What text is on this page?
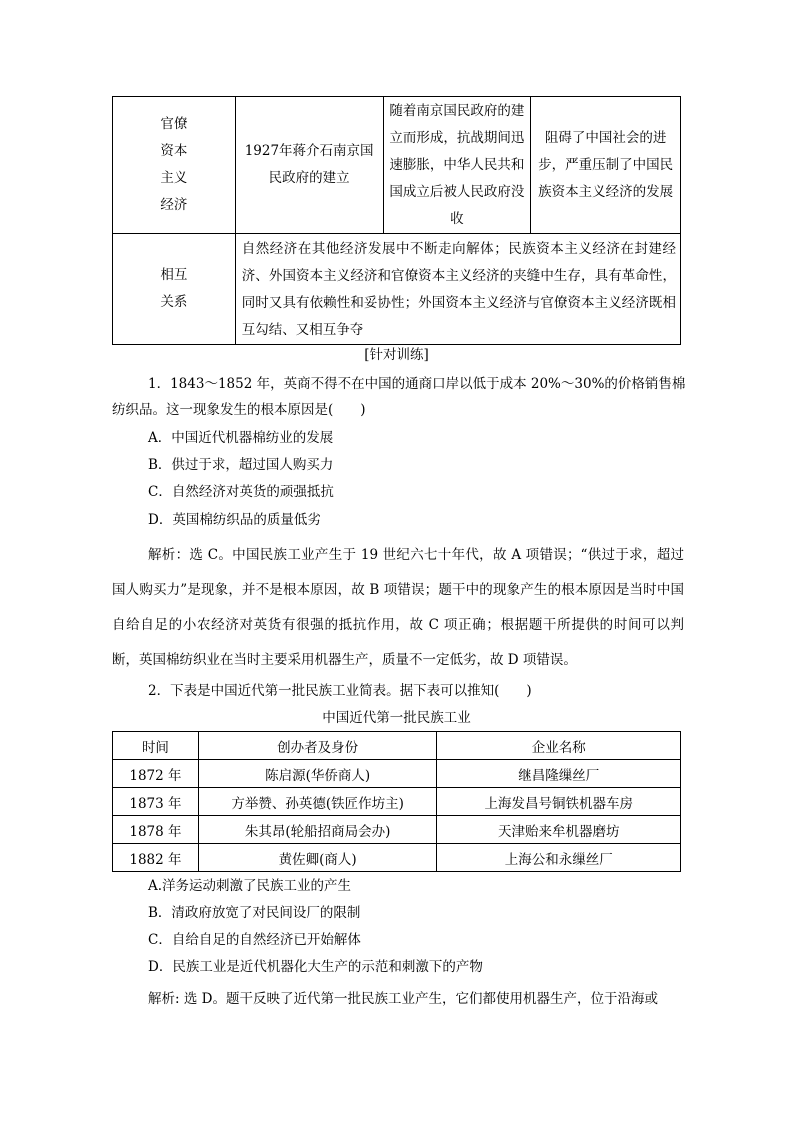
官僚
资本
主义
经济	1927年蒋介石南京国民政府的建立	随着南京国民政府的建立而形成，抗战期间迅速膨胀，中华人民共和国成立后被人民政府没收	阻碍了中国社会的进步，严重压制了中国民族资本主义经济的发展

相互
关系	自然经济在其他经济发展中不断走向解体；民族资本主义经济在封建经济、外国资本主义经济和官僚资本主义经济的夹缝中生存，具有革命性，同时又具有依赖性和妥协性；外国资本主义经济与官僚资本主义经济既相互勾结、又相互争夺		
[针对训练]
1．1843～1852 年，英商不得不在中国的通商口岸以低于成本 20%～30%的价格销售棉
纺织品。这一现象发生的根本原因是(　　)
A．中国近代机器棉纺业的发展
B．供过于求，超过国人购买力
C．自然经济对英货的顽强抵抗
D．英国棉纺织品的质量低劣
解析：选 C。中国民族工业产生于 19 世纪六七十年代，故 A 项错误；“供过于求，超过国人购买力”是现象，并不是根本原因，故 B 项错误；题干中的现象产生的根本原因是当时中国自给自足的小农经济对英货有很强的抵抗作用，故 C 项正确；根据题干所提供的时间可以判断，英国棉纺织业在当时主要采用机器生产，质量不一定低劣，故 D 项错误。
2．下表是中国近代第一批民族工业简表。据下表可以推知(　　)
中国近代第一批民族工业
时间	创办者及身份	企业名称
1872 年	陈启源(华侨商人)	继昌隆缫丝厂
1873 年	方举赞、孙英德(铁匠作坊主)	上海发昌号铜铁机器车房
1878 年	朱其昂(轮船招商局会办)	天津贻来牟机器磨坊
1882 年	黄佐卿(商人)	上海公和永缫丝厂
A.洋务运动刺激了民族工业的产生
B．清政府放宽了对民间设厂的限制
C．自给自足的自然经济已开始解体
D．民族工业是近代机器化大生产的示范和刺激下的产物
解析: 选 D。题干反映了近代第一批民族工业产生，它们都使用机器生产，位于沿海或
